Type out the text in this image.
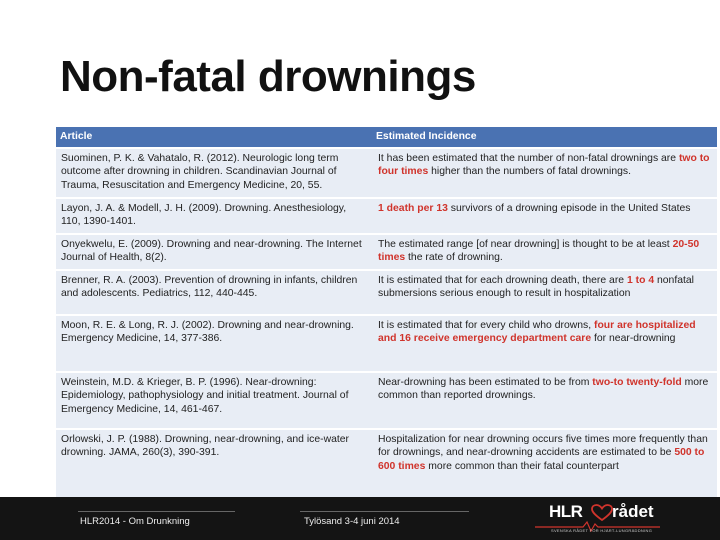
Non-fatal drownings
Article	Estimated Incidence
Suominen, P. K. & Vahatalo, R. (2012). Neurologic long term outcome after drowning in children. Scandinavian Journal of Trauma, Resuscitation and Emergency Medicine, 20, 55.	It has been estimated that the number of non-fatal drownings are two to four times higher than the numbers of fatal drownings.
Layon, J. A. & Modell, J. H. (2009). Drowning. Anesthesiology, 110, 1390-1401.	1 death per 13 survivors of a drowning episode in the United States
Onyekwelu, E. (2009). Drowning and near-drowning. The Internet Journal of Health, 8(2).	The estimated range [of near drowning] is thought to be at least 20-50 times the rate of drowning.
Brenner, R. A. (2003). Prevention of drowning in infants, children and adolescents. Pediatrics, 112, 440-445.	It is estimated that for each drowning death, there are 1 to 4 nonfatal submersions serious enough to result in hospitalization
Moon, R. E. & Long, R. J. (2002). Drowning and near-drowning. Emergency Medicine, 14, 377-386.	It is estimated that for every child who drowns, four are hospitalized and 16 receive emergency department care for near-drowning
Weinstein, M.D. & Krieger, B. P. (1996). Near-drowning: Epidemiology, pathophysiology and initial treatment. Journal of Emergency Medicine, 14, 461-467.	Near-drowning has been estimated to be from two-to twenty-fold more common than reported drownings.
Orlowski, J. P. (1988). Drowning, near-drowning, and ice-water drowning. JAMA, 260(3), 390-391.	Hospitalization for near drowning occurs five times more frequently than for drownings, and near-drowning accidents are estimated to be 500 to 600 times more common than their fatal counterpart
HLR2014 - Om Drunkning	Tylösand 3-4 juni 2014
HLR rådet
SVENSKA RÅDET FÖR HJÄRT-LUNGRÄDDNING
